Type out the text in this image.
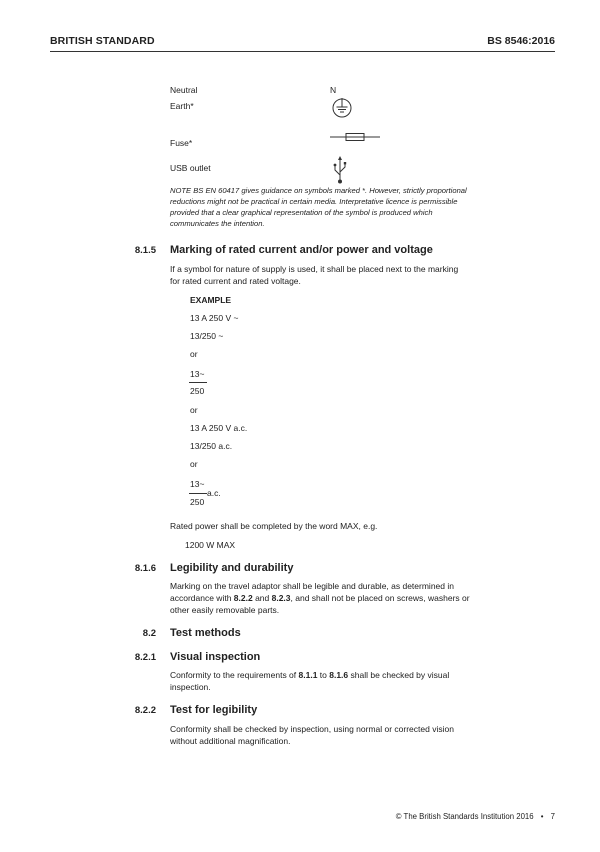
BRITISH STANDARD	BS 8546:2016
Neutral	N
Earth*
Fuse*
USB outlet
NOTE BS EN 60417 gives guidance on symbols marked *. However, strictly proportional
reductions might not be practical in certain media. Interpretative licence is permissible
provided that a clear graphical representation of the symbol is produced which
communicates the intention.
8.1.5 Marking of rated current and/or power and voltage
If a symbol for nature of supply is used, it shall be placed next to the marking
for rated current and rated voltage.
EXAMPLE
13 A 250 V ~
13/250 ~
or
13~
250
or
13 A 250 V a.c.
13/250 a.c.
or
13~
a.c.
250
Rated power shall be completed by the word MAX, e.g.
1200 W MAX
8.1.6 Legibility and durability
Marking on the travel adaptor shall be legible and durable, as determined in
accordance with 8.2.2 and 8.2.3, and shall not be placed on screws, washers or
other easily removable parts.
8.2 Test methods
8.2.1 Visual inspection
Conformity to the requirements of 8.1.1 to 8.1.6 shall be checked by visual
inspection.
8.2.2 Test for legibility
Conformity shall be checked by inspection, using normal or corrected vision
without additional magnification.
© The British Standards Institution 2016 • 7
